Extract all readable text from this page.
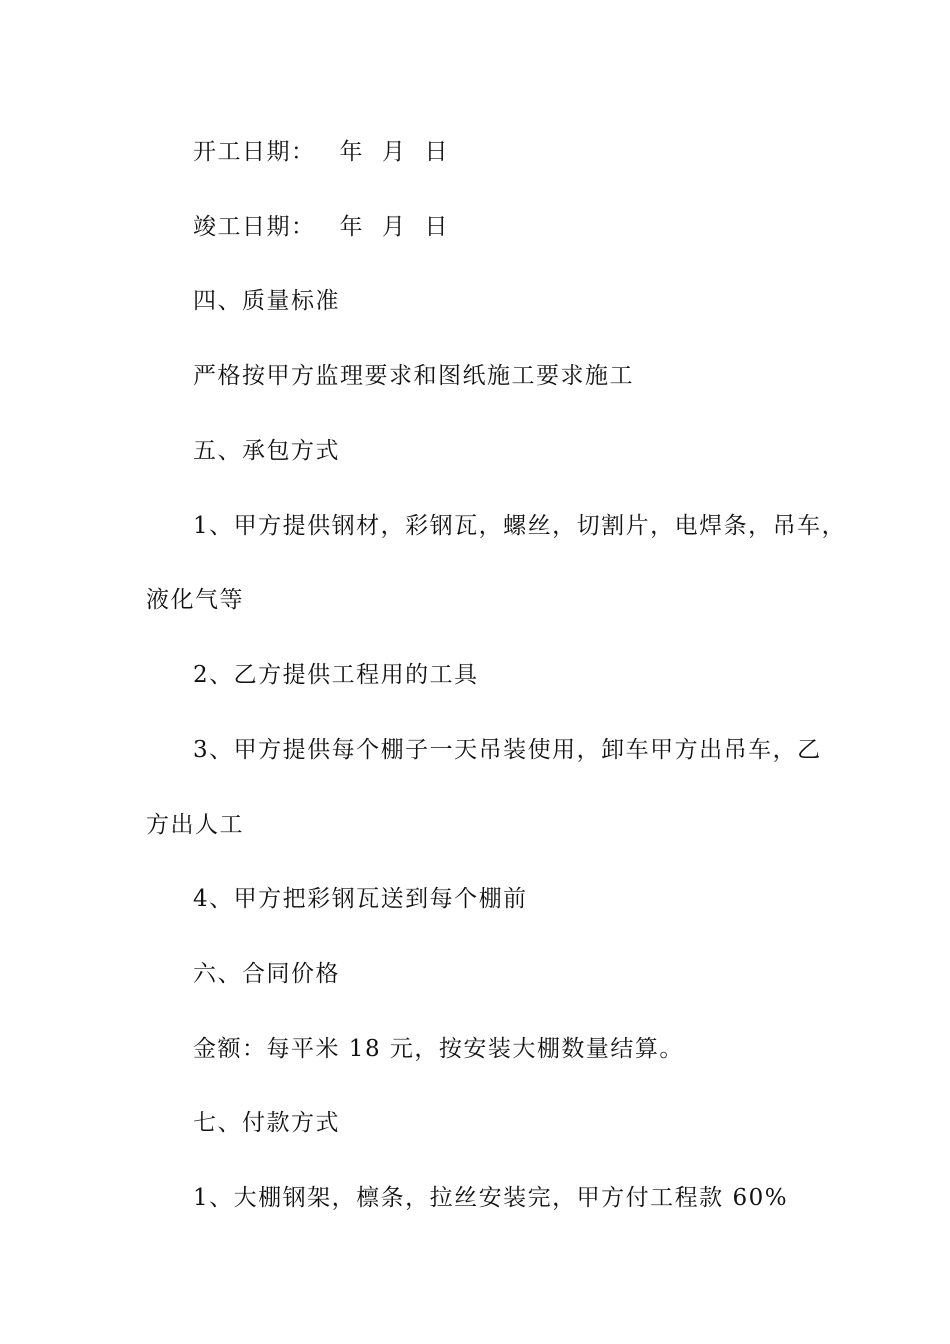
开工日期： 年 月 日
竣工日期： 年 月 日
四、质量标准
严格按甲方监理要求和图纸施工要求施工
五、承包方式
1、甲方提供钢材，彩钢瓦，螺丝，切割片，电焊条，吊车，
液化气等
2、乙方提供工程用的工具
3、甲方提供每个棚子一天吊装使用，卸车甲方出吊车，乙
方出人工
4、甲方把彩钢瓦送到每个棚前
六、合同价格
金额：每平米 18 元，按安装大棚数量结算。
七、付款方式
1、大棚钢架，檩条，拉丝安装完，甲方付工程款 60%
